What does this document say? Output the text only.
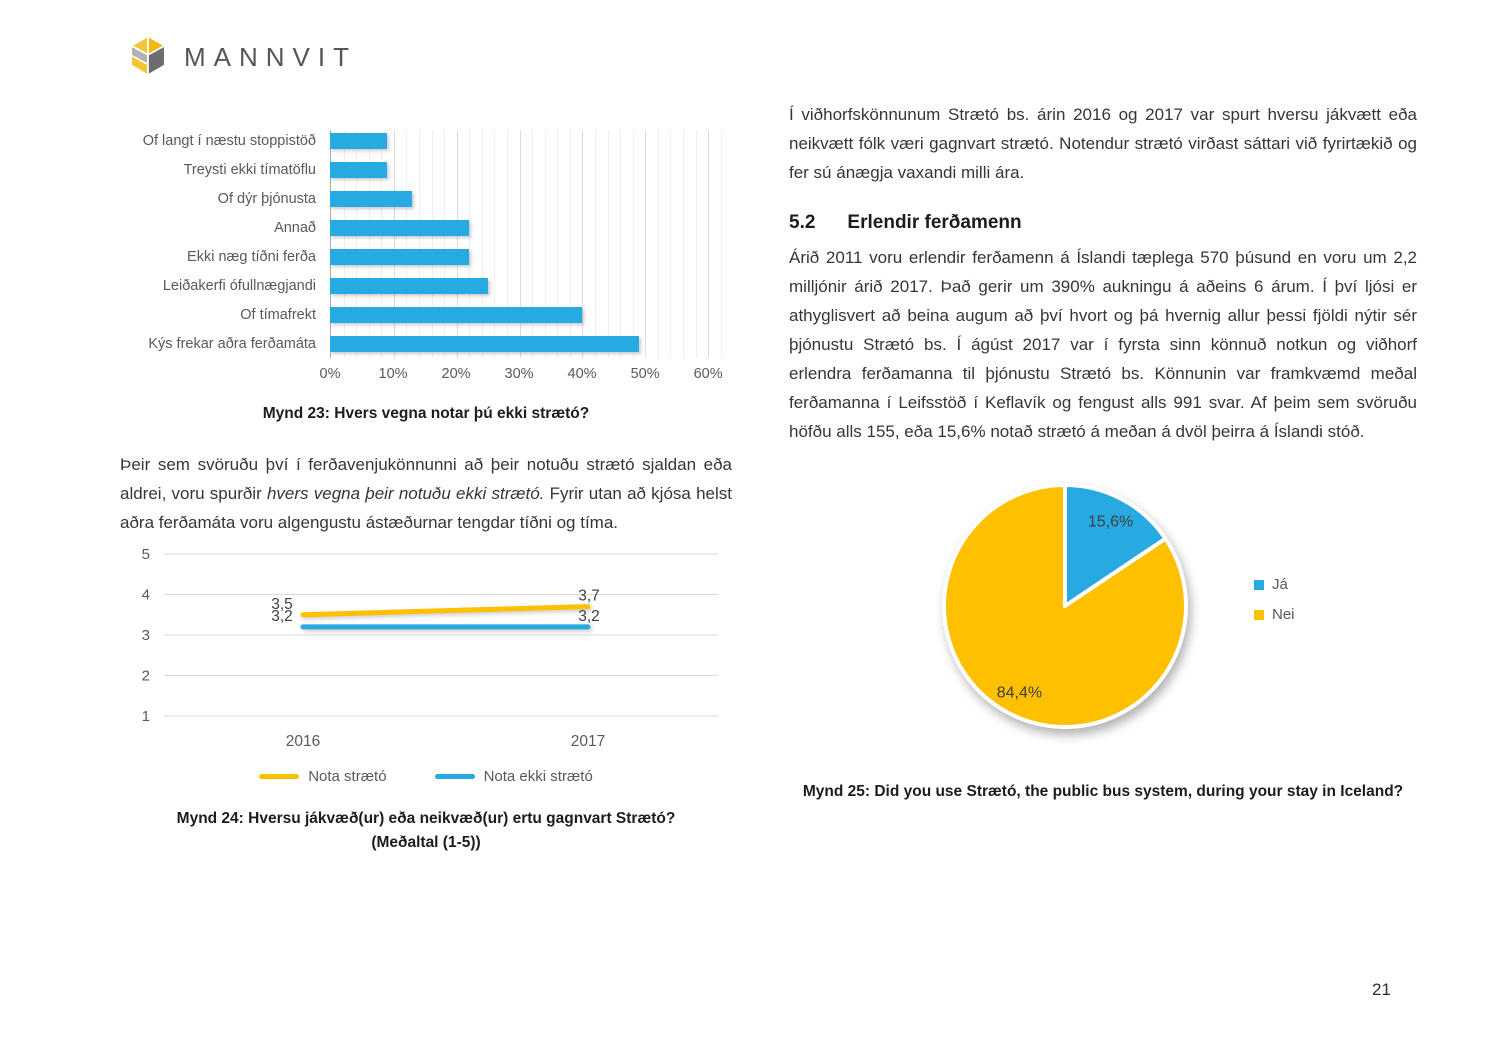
MANNVIT
Of langt í næstu stoppistöð
Treysti ekki tímatöflu
Of dýr þjónusta
Annað
Ekki næg tíðni ferða
Leiðakerfi ófullnægjandi
Of tímafrekt
Kýs frekar aðra ferðamáta
0%	10% 20% 30% 40% 50% 60%

Mynd 23: Hvers vegna notar þú ekki strætó?

Þeir sem svöruðu því í ferðavenjukönnunni að þeir notuðu strætó sjaldan eða aldrei, voru spurðir hvers vegna þeir notuðu ekki strætó. Fyrir utan að kjósa helst aðra ferðamáta voru algengustu ástæðurnar tengdar tíðni og tíma.

1
2
3
4
5
2016	2017
3,5	3,7
3,2	3,2
Nota strætó	Nota ekki strætó

Mynd 24: Hversu jákvæð(ur) eða neikvæð(ur) ertu gagnvart Strætó? (Meðaltal (1-5))

Í viðhorfskönnunum Strætó bs. árin 2016 og 2017 var spurt hversu jákvætt eða neikvætt fólk væri gagnvart strætó. Notendur strætó virðast sáttari við fyrirtækið og fer sú ánægja vaxandi milli ára.

5.2 Erlendir ferðamenn

Árið 2011 voru erlendir ferðamenn á Íslandi tæplega 570 þúsund en voru um 2,2 milljónir árið 2017. Það gerir um 390% aukningu á aðeins 6 árum. Í því ljósi er athyglisvert að beina augum að því hvort og þá hvernig allur þessi fjöldi nýtir sér þjónustu Strætó bs. Í ágúst 2017 var í fyrsta sinn könnuð notkun og viðhorf erlendra ferðamanna til þjónustu Strætó bs. Könnunin var framkvæmd meðal ferðamanna í Leifsstöð í Keflavík og fengust alls 991 svar. Af þeim sem svöruðu höfðu alls 155, eða 15,6% notað strætó á meðan á dvöl þeirra á Íslandi stóð.

15,6%
84,4%
Já
Nei

Mynd 25: Did you use Strætó, the public bus system, during your stay in Iceland?

21
